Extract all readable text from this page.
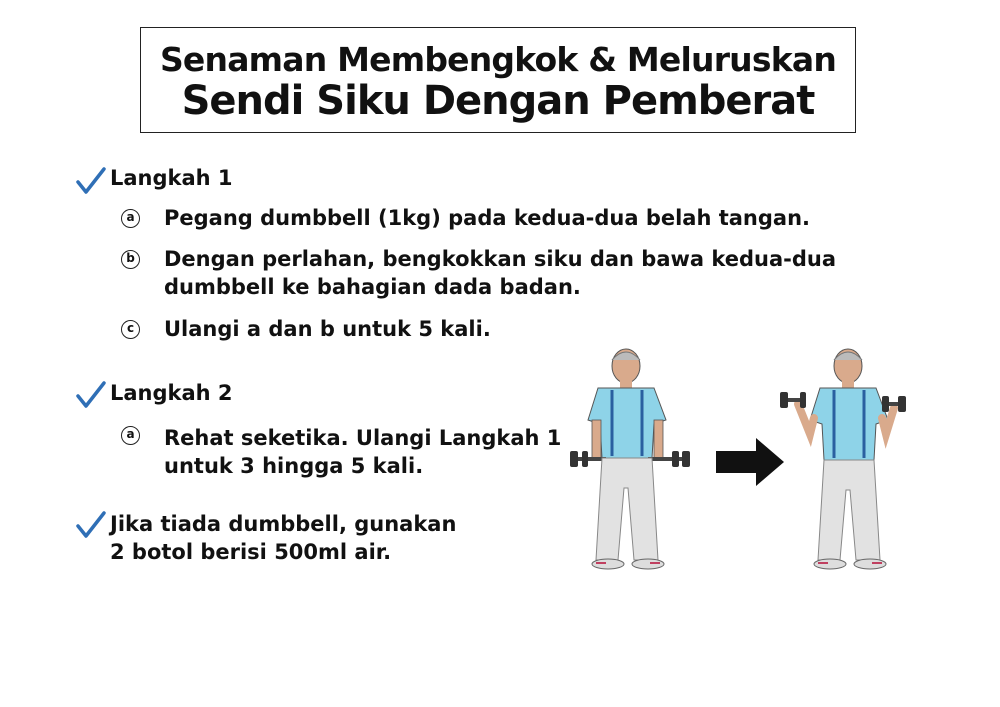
Senaman Membengkok & Meluruskan
Sendi Siku Dengan Pemberat
Langkah 1
a Pegang dumbbell (1kg) pada kedua-dua belah tangan.
b Dengan perlahan, bengkokkan siku dan bawa kedua-dua
dumbbell ke bahagian dada badan.
c Ulangi a dan b untuk 5 kali.
Langkah 2
a Rehat seketika. Ulangi Langkah 1
untuk 3 hingga 5 kali.
Jika tiada dumbbell, gunakan
2 botol berisi 500ml air.
